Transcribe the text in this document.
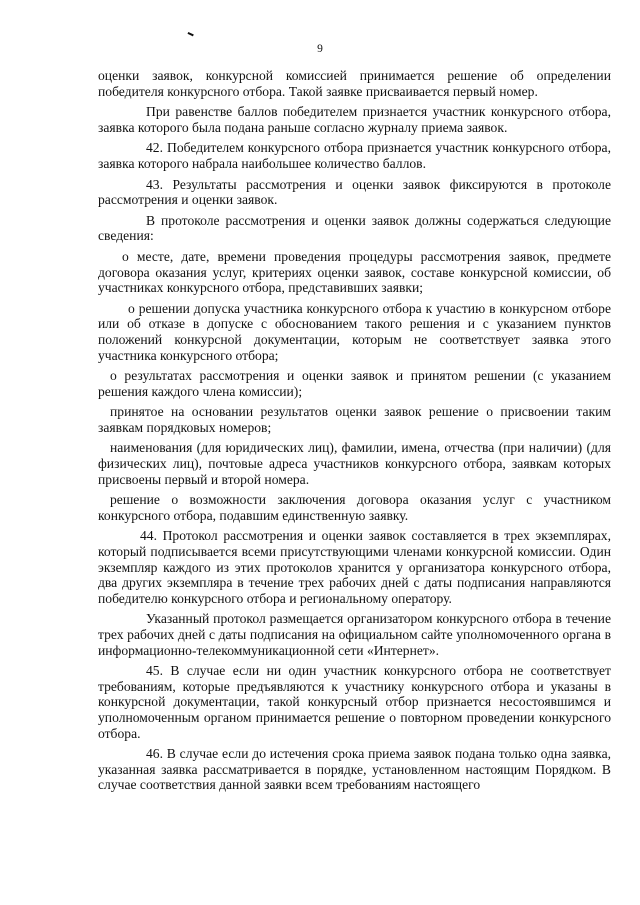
9

оценки заявок, конкурсной комиссией принимается решение об определении победителя конкурсного отбора. Такой заявке присваивается первый номер.

При равенстве баллов победителем признается участник конкурсного отбора, заявка которого была подана раньше согласно журналу приема заявок.

42. Победителем конкурсного отбора признается участник конкурсного отбора, заявка которого набрала наибольшее количество баллов.

43. Результаты рассмотрения и оценки заявок фиксируются в протоколе рассмотрения и оценки заявок.

В протоколе рассмотрения и оценки заявок должны содержаться следующие сведения:

о месте, дате, времени проведения процедуры рассмотрения заявок, предмете договора оказания услуг, критериях оценки заявок, составе конкурсной комиссии, об участниках конкурсного отбора, представивших заявки;

о решении допуска участника конкурсного отбора к участию в конкурсном отборе или об отказе в допуске с обоснованием такого решения и с указанием пунктов положений конкурсной документации, которым не соответствует заявка этого участника конкурсного отбора;

о результатах рассмотрения и оценки заявок и принятом решении (с указанием решения каждого члена комиссии);

принятое на основании результатов оценки заявок решение о присвоении таким заявкам порядковых номеров;

наименования (для юридических лиц), фамилии, имена, отчества (при наличии) (для физических лиц), почтовые адреса участников конкурсного отбора, заявкам которых присвоены первый и второй номера.

решение о возможности заключения договора оказания услуг с участником конкурсного отбора, подавшим единственную заявку.

44. Протокол рассмотрения и оценки заявок составляется в трех экземплярах, который подписывается всеми присутствующими членами конкурсной комиссии. Один экземпляр каждого из этих протоколов хранится у организатора конкурсного отбора, два других экземпляра в течение трех рабочих дней с даты подписания направляются победителю конкурсного отбора и региональному оператору.

Указанный протокол размещается организатором конкурсного отбора в течение трех рабочих дней с даты подписания на официальном сайте уполномоченного органа в информационно-телекоммуникационной сети «Интернет».

45. В случае если ни один участник конкурсного отбора не соответствует требованиям, которые предъявляются к участнику конкурсного отбора и указаны в конкурсной документации, такой конкурсный отбор признается несостоявшимся и уполномоченным органом принимается решение о повторном проведении конкурсного отбора.

46. В случае если до истечения срока приема заявок подана только одна заявка, указанная заявка рассматривается в порядке, установленном настоящим Порядком. В случае соответствия данной заявки всем требованиям настоящего
